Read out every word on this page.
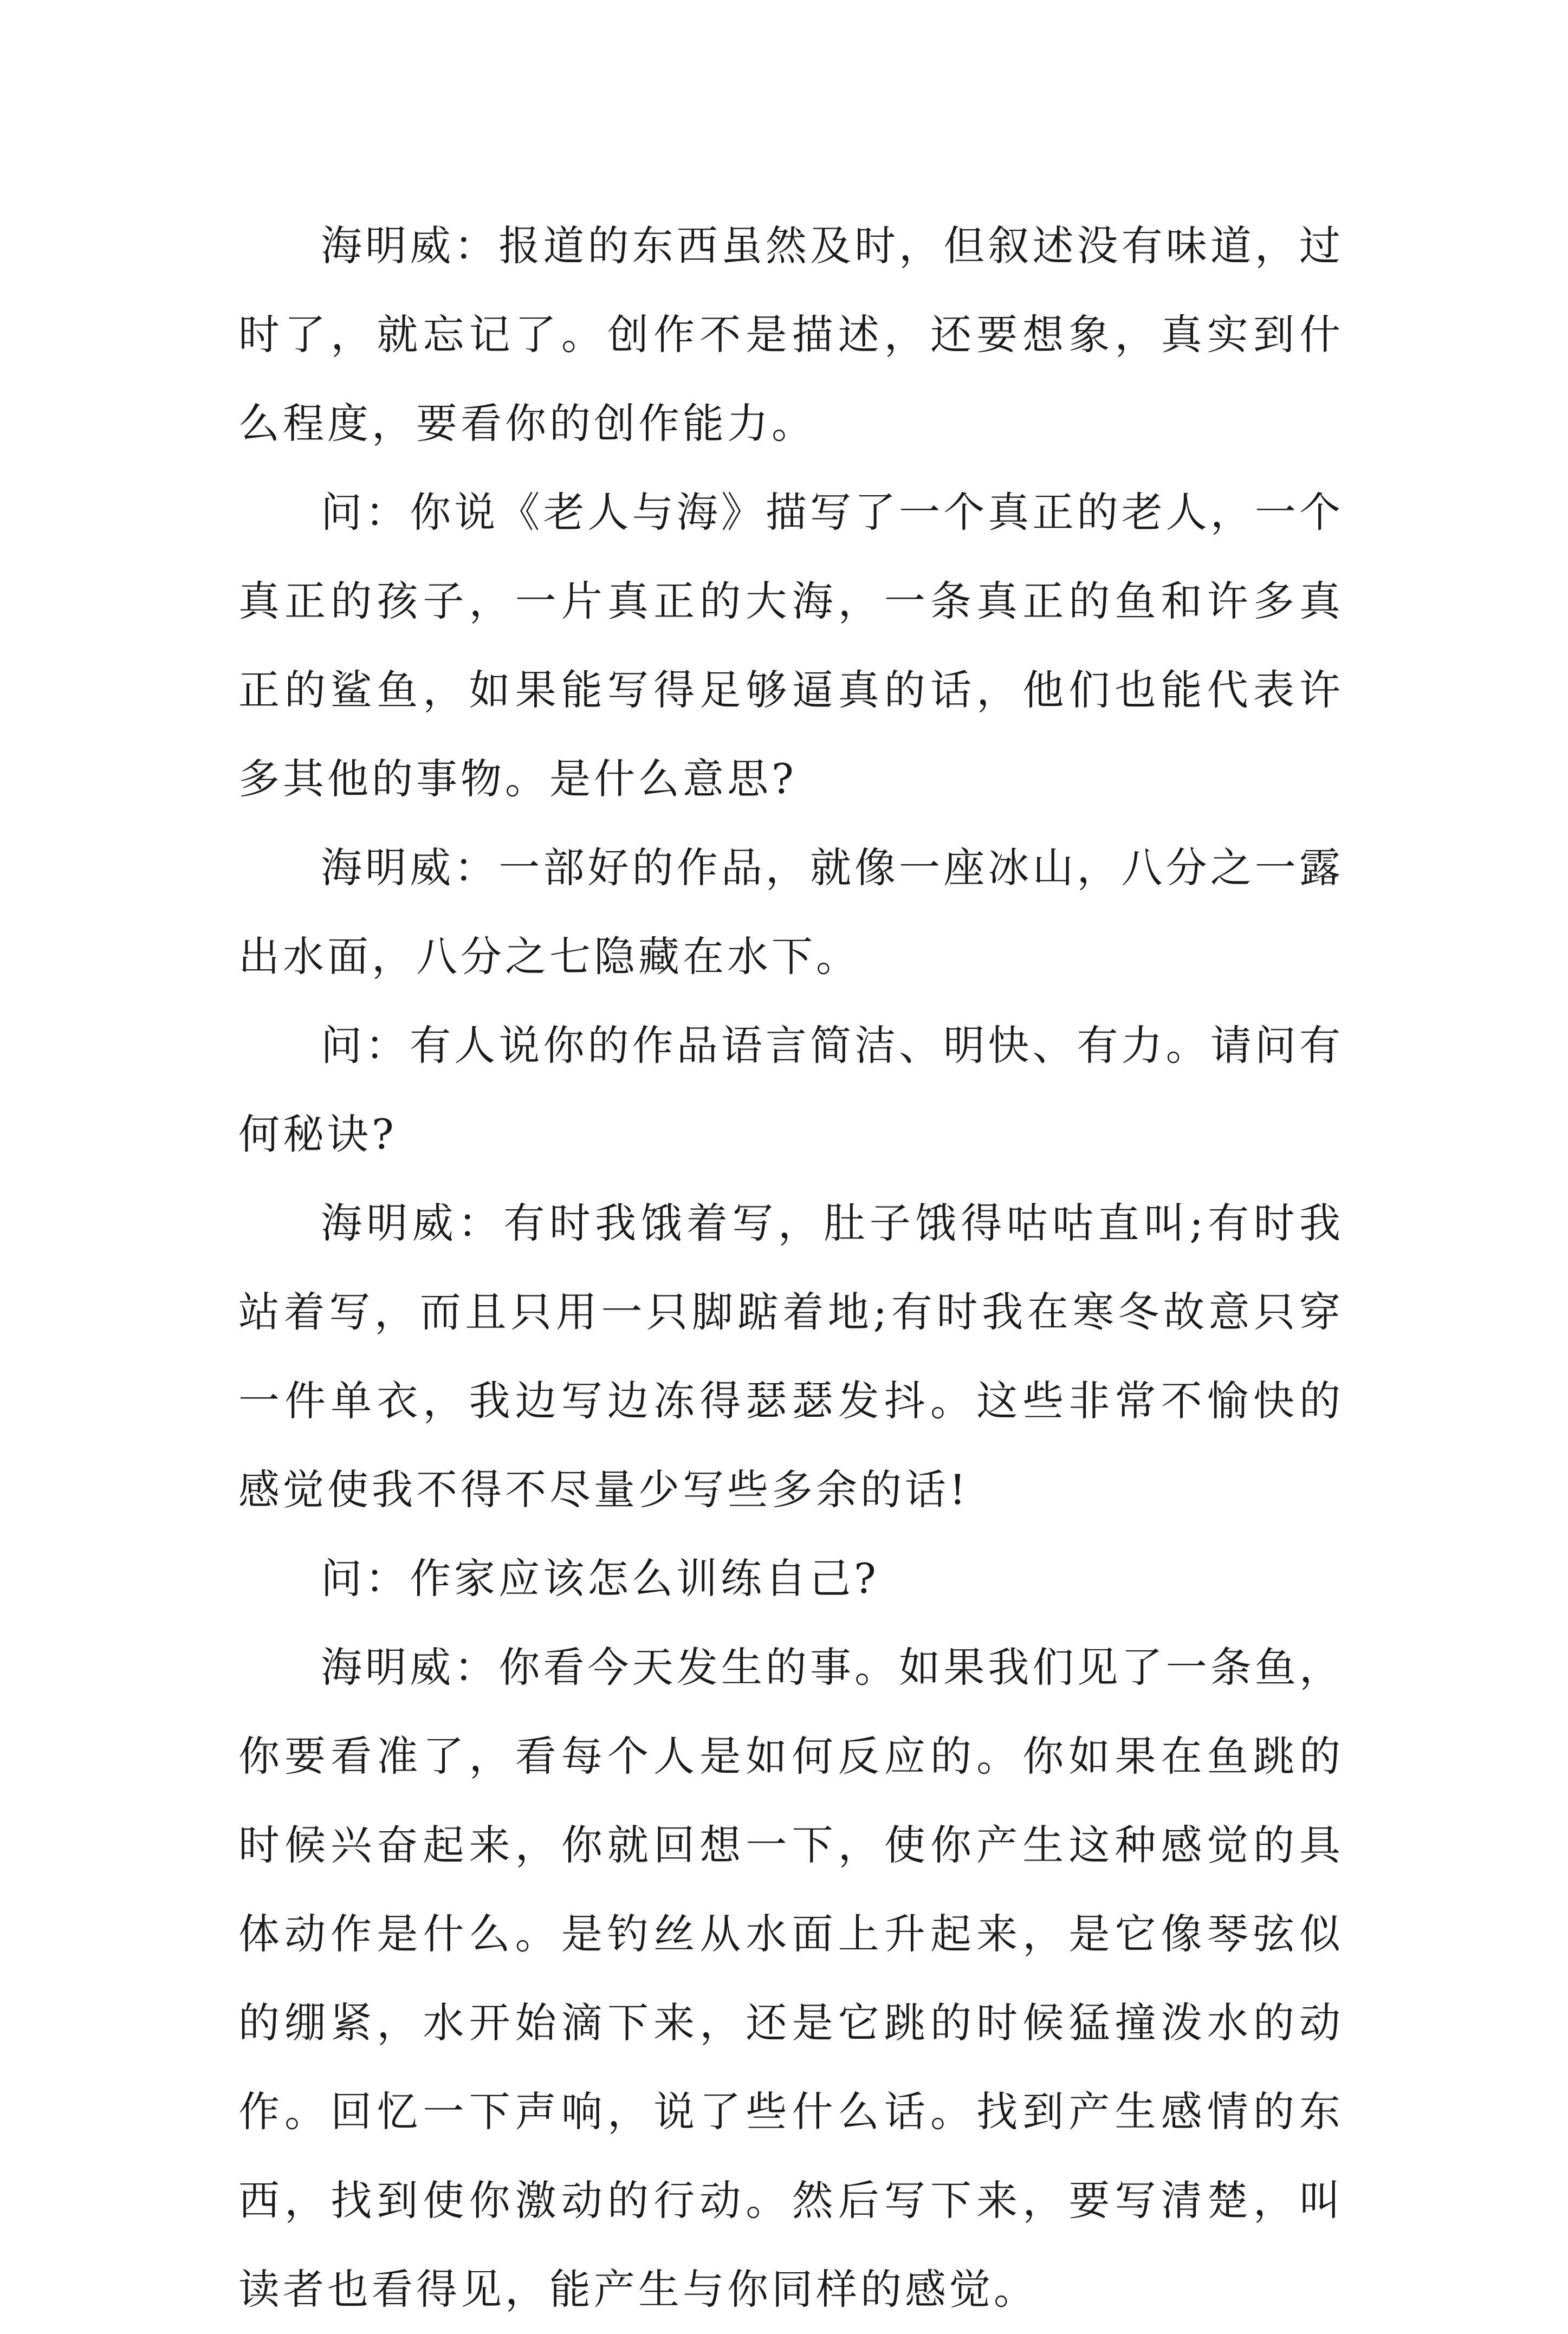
海明威：报道的东西虽然及时，但叙述没有味道，过时了，就忘记了。创作不是描述，还要想象，真实到什么程度，要看你的创作能力。

问：你说《老人与海》描写了一个真正的老人，一个真正的孩子，一片真正的大海，一条真正的鱼和许多真正的鲨鱼，如果能写得足够逼真的话，他们也能代表许多其他的事物。是什么意思?

海明威：一部好的作品，就像一座冰山，八分之一露出水面，八分之七隐藏在水下。

问：有人说你的作品语言简洁、明快、有力。请问有何秘诀?

海明威：有时我饿着写，肚子饿得咕咕直叫;有时我站着写，而且只用一只脚踮着地;有时我在寒冬故意只穿一件单衣，我边写边冻得瑟瑟发抖。这些非常不愉快的感觉使我不得不尽量少写些多余的话!

问：作家应该怎么训练自己?

海明威：你看今天发生的事。如果我们见了一条鱼，你要看准了，看每个人是如何反应的。你如果在鱼跳的时候兴奋起来，你就回想一下，使你产生这种感觉的具体动作是什么。是钓丝从水面上升起来，是它像琴弦似的绷紧，水开始滴下来，还是它跳的时候猛撞泼水的动作。回忆一下声响，说了些什么话。找到产生感情的东西，找到使你激动的行动。然后写下来，要写清楚，叫读者也看得见，能产生与你同样的感觉。
